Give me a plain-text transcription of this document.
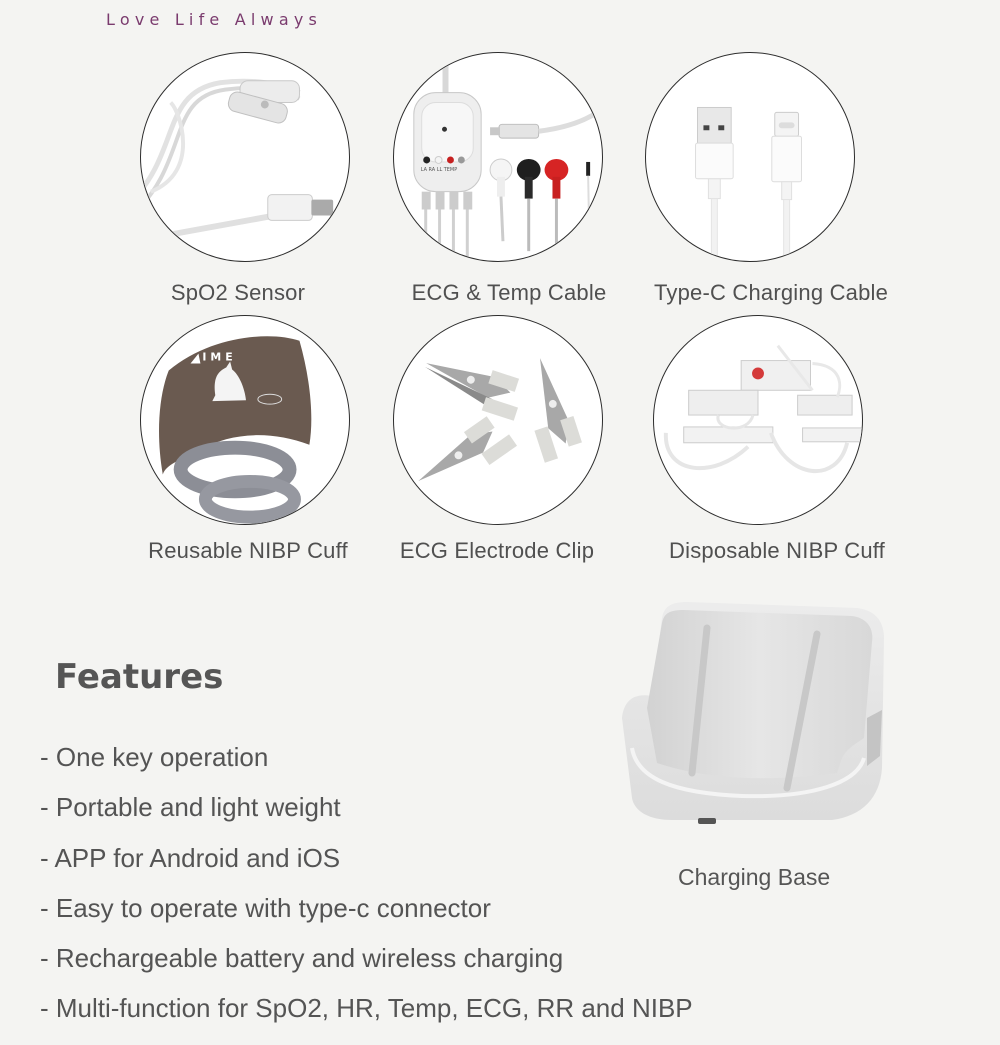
Love Life Always
SpO2 Sensor
LA RA LL TEMP
ECG & Temp Cable Type-C Charging Cable
IME
Reusable NIBP Cuff ECG Electrode Clip	Disposable NIBP Cuff
Features
- One key operation
- Portable and light weight
- APP for Android and iOS
- Easy to operate with type-c connector
- Rechargeable battery and wireless charging
- Multi-function for SpO2, HR, Temp, ECG, RR and NIBP
Charging Base
